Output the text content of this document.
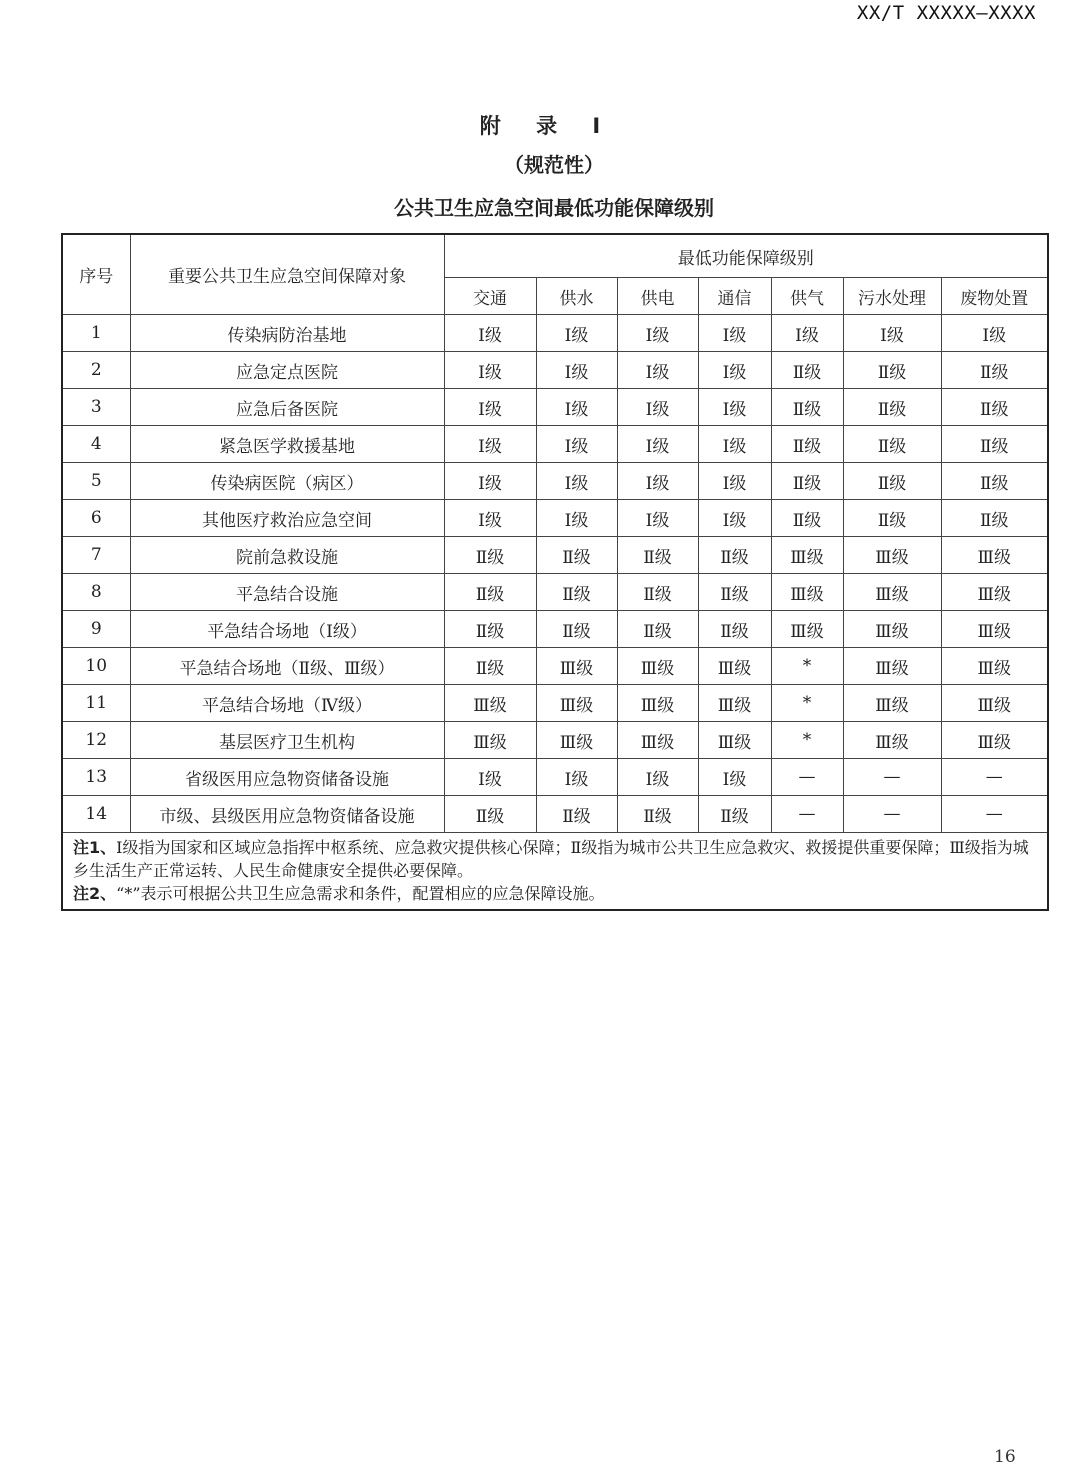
XX/T XXXXX—XXXX
附 录 I
（规范性）
公共卫生应急空间最低功能保障级别
序号	重要公共卫生应急空间保障对象	最低功能保障级别						
		交通	供水	供电	通信	供气	污水处理	废物处置
1	传染病防治基地	Ⅰ级	Ⅰ级	Ⅰ级	Ⅰ级	Ⅰ级	Ⅰ级	Ⅰ级
2	应急定点医院	Ⅰ级	Ⅰ级	Ⅰ级	Ⅰ级	Ⅱ级	Ⅱ级	Ⅱ级
3	应急后备医院	Ⅰ级	Ⅰ级	Ⅰ级	Ⅰ级	Ⅱ级	Ⅱ级	Ⅱ级
4	紧急医学救援基地	Ⅰ级	Ⅰ级	Ⅰ级	Ⅰ级	Ⅱ级	Ⅱ级	Ⅱ级
5	传染病医院（病区）	Ⅰ级	Ⅰ级	Ⅰ级	Ⅰ级	Ⅱ级	Ⅱ级	Ⅱ级
6	其他医疗救治应急空间	Ⅰ级	Ⅰ级	Ⅰ级	Ⅰ级	Ⅱ级	Ⅱ级	Ⅱ级
7	院前急救设施	Ⅱ级	Ⅱ级	Ⅱ级	Ⅱ级	Ⅲ级	Ⅲ级	Ⅲ级
8	平急结合设施	Ⅱ级	Ⅱ级	Ⅱ级	Ⅱ级	Ⅲ级	Ⅲ级	Ⅲ级
9	平急结合场地（Ⅰ级）	Ⅱ级	Ⅱ级	Ⅱ级	Ⅱ级	Ⅲ级	Ⅲ级	Ⅲ级
10	平急结合场地（Ⅱ级、Ⅲ级）	Ⅱ级	Ⅲ级	Ⅲ级	Ⅲ级	*	Ⅲ级	Ⅲ级
11	平急结合场地（Ⅳ级）	Ⅲ级	Ⅲ级	Ⅲ级	Ⅲ级	*	Ⅲ级	Ⅲ级
12	基层医疗卫生机构	Ⅲ级	Ⅲ级	Ⅲ级	Ⅲ级	*	Ⅲ级	Ⅲ级
13	省级医用应急物资储备设施	Ⅰ级	Ⅰ级	Ⅰ级	Ⅰ级	—	—	—
14	市级、县级医用应急物资储备设施	Ⅱ级	Ⅱ级	Ⅱ级	Ⅱ级	—	—	—

注1、Ⅰ级指为国家和区域应急指挥中枢系统、应急救灾提供核心保障；Ⅱ级指为城市公共卫生应急救灾、救援提供重要保障；Ⅲ级指为城乡生活生产正常运转、人民生命健康安全提供必要保障。
注2、“*”表示可根据公共卫生应急需求和条件，配置相应的应急保障设施。								
16
